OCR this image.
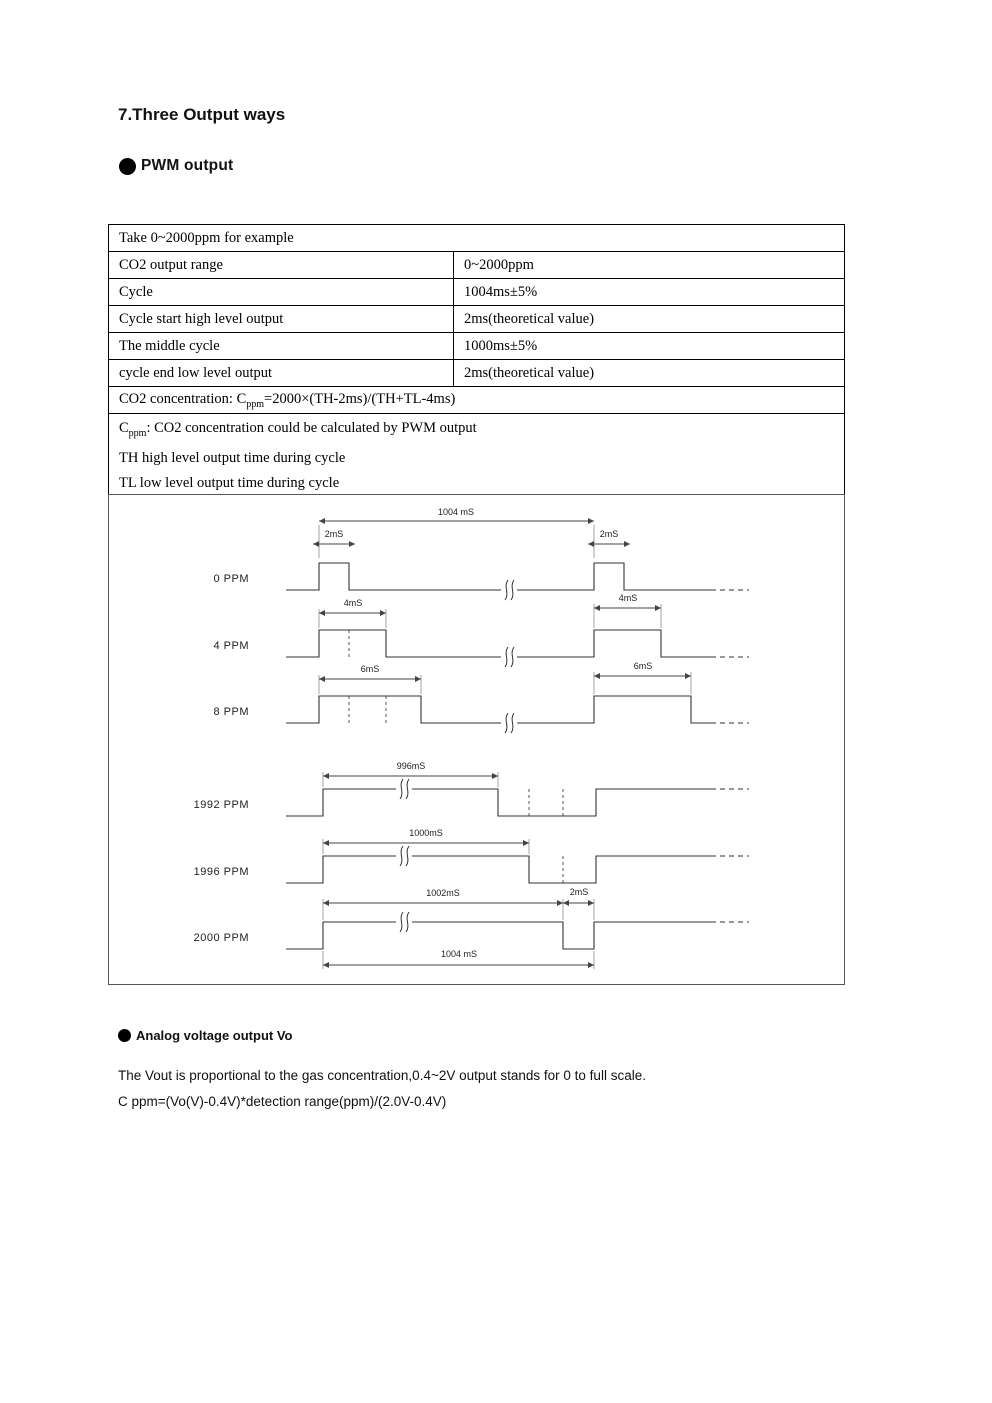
7.Three Output ways
PWM output
Take 0~2000ppm for example	
CO2 output range	0~2000ppm
Cycle	1004ms±5%
Cycle start high level output	2ms(theoretical value)
The middle cycle	1000ms±5%
cycle end low level output	2ms(theoretical value)
CO2 concentration: $C_{ppm}=2000\times(TH-2ms)/(TH+TL-4ms)$	

$C_{ppm}$: CO2 concentration could be calculated by PWM output
TH high level output time during cycle
TL low level output time during cycle	
1004 mS
2mS	2mS
0 PPM
4mS	4mS
4 PPM
6mS	6mS
8 PPM
996mS
1992 PPM
1000mS
1996 PPM
1002mS	2mS
2000 PPM
1004 mS
Analog voltage output Vo

The Vout is proportional to the gas concentration,0.4~2V output stands for 0 to full scale.

C ppm=(Vo(V)-0.4V)*detection range(ppm)/(2.0V-0.4V)
